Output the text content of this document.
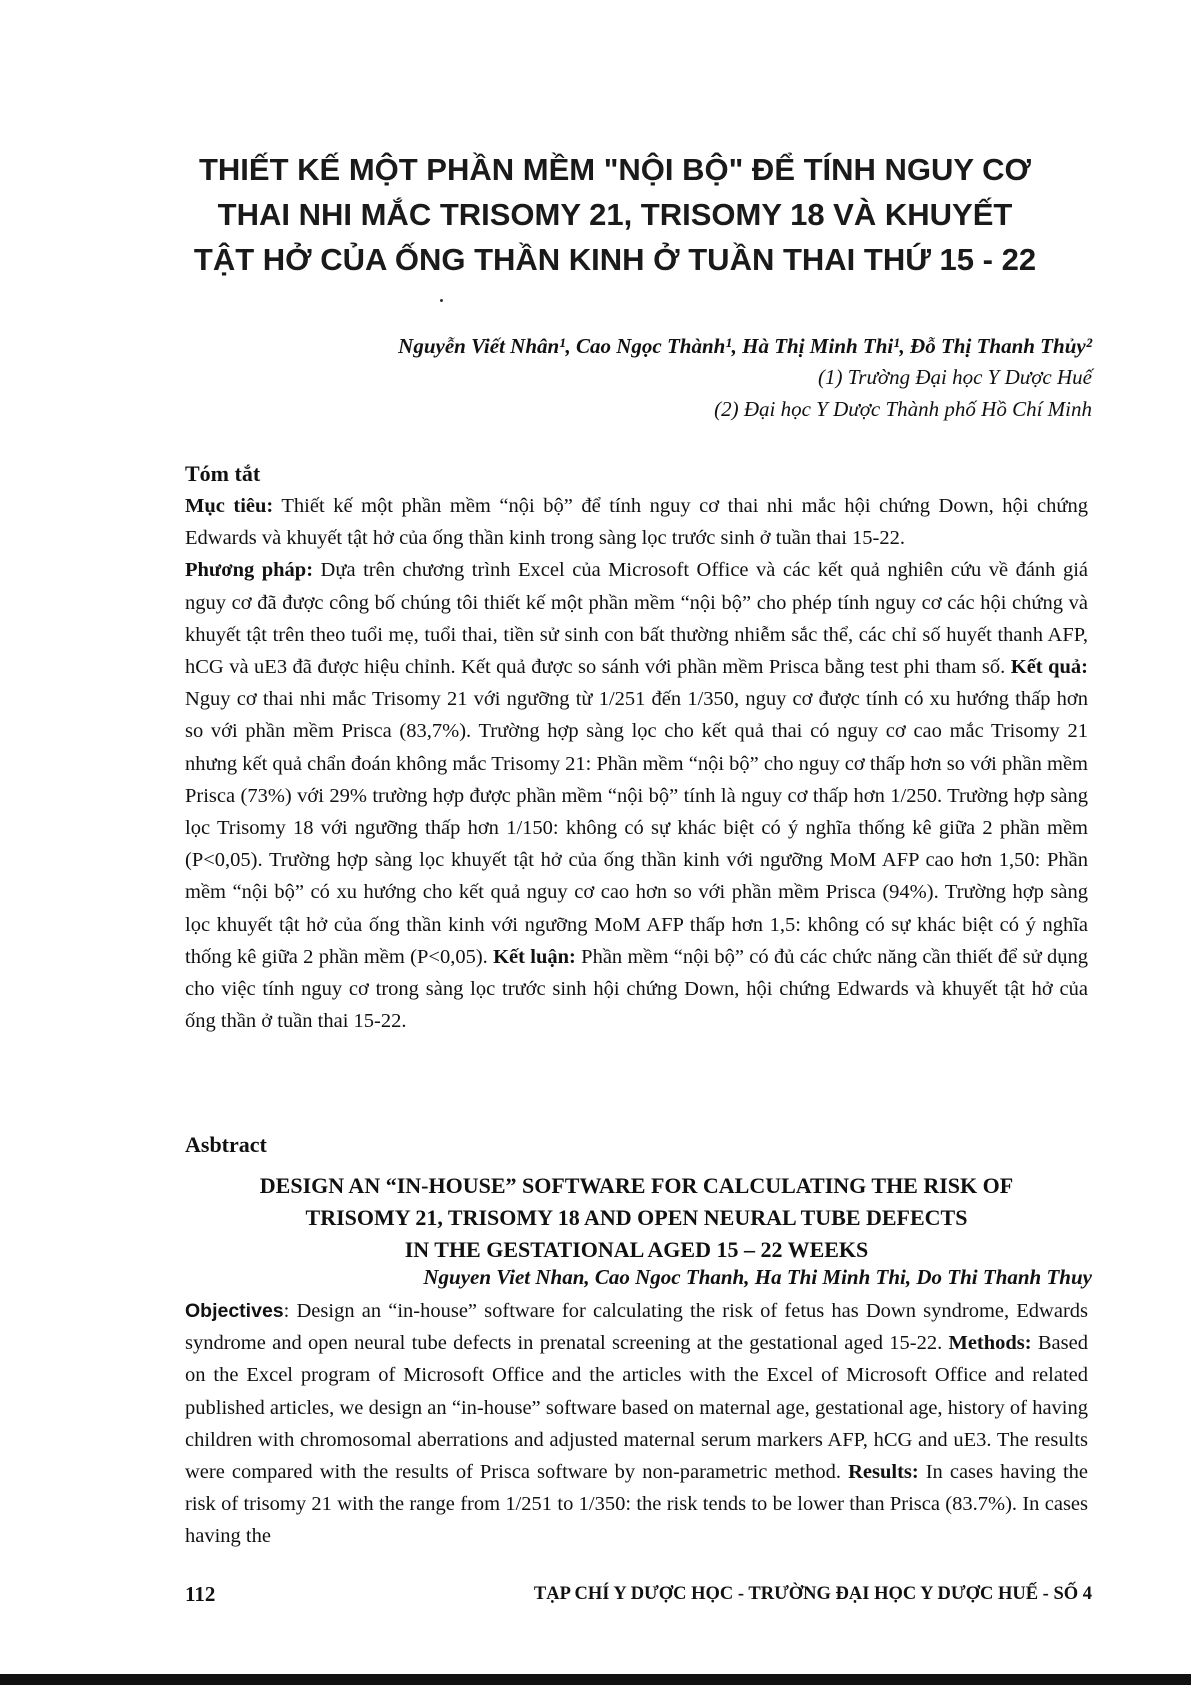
THIẾT KẾ MỘT PHẦN MỀM "NỘI BỘ" ĐỂ TÍNH NGUY CƠ
THAI NHI MẮC TRISOMY 21, TRISOMY 18 VÀ KHUYẾT
TẬT HỞ CỦA ỐNG THẦN KINH Ở TUẦN THAI THỨ 15 - 22
Nguyễn Viết Nhân¹, Cao Ngọc Thành¹, Hà Thị Minh Thi¹, Đỗ Thị Thanh Thủy²
(1) Trường Đại học Y Dược Huế
(2) Đại học Y Dược Thành phố Hồ Chí Minh
Tóm tắt

Mục tiêu: Thiết kế một phần mềm “nội bộ” để tính nguy cơ thai nhi mắc hội chứng Down, hội chứng Edwards và khuyết tật hở của ống thần kinh trong sàng lọc trước sinh ở tuần thai 15-22.
Phương pháp: Dựa trên chương trình Excel của Microsoft Office và các kết quả nghiên cứu về đánh giá nguy cơ đã được công bố chúng tôi thiết kế một phần mềm “nội bộ” cho phép tính nguy cơ các hội chứng và khuyết tật trên theo tuổi mẹ, tuổi thai, tiền sử sinh con bất thường nhiễm sắc thể, các chỉ số huyết thanh AFP, hCG và uE3 đã được hiệu chỉnh. Kết quả được so sánh với phần mềm Prisca bằng test phi tham số. Kết quả: Nguy cơ thai nhi mắc Trisomy 21 với ngưỡng từ 1/251 đến 1/350, nguy cơ được tính có xu hướng thấp hơn so với phần mềm Prisca (83,7%). Trường hợp sàng lọc cho kết quả thai có nguy cơ cao mắc Trisomy 21 nhưng kết quả chẩn đoán không mắc Trisomy 21: Phần mềm “nội bộ” cho nguy cơ thấp hơn so với phần mềm Prisca (73%) với 29% trường hợp được phần mềm “nội bộ” tính là nguy cơ thấp hơn 1/250. Trường hợp sàng lọc Trisomy 18 với ngưỡng thấp hơn 1/150: không có sự khác biệt có ý nghĩa thống kê giữa 2 phần mềm (P<0,05). Trường hợp sàng lọc khuyết tật hở của ống thần kinh với ngưỡng MoM AFP cao hơn 1,50: Phần mềm “nội bộ” có xu hướng cho kết quả nguy cơ cao hơn so với phần mềm Prisca (94%). Trường hợp sàng lọc khuyết tật hở của ống thần kinh với ngưỡng MoM AFP thấp hơn 1,5: không có sự khác biệt có ý nghĩa thống kê giữa 2 phần mềm (P<0,05). Kết luận: Phần mềm “nội bộ” có đủ các chức năng cần thiết để sử dụng cho việc tính nguy cơ trong sàng lọc trước sinh hội chứng Down, hội chứng Edwards và khuyết tật hở của ống thần ở tuần thai 15-22.

Asbtract
DESIGN AN “IN-HOUSE” SOFTWARE FOR CALCULATING THE RISK OF
TRISOMY 21, TRISOMY 18 AND OPEN NEURAL TUBE DEFECTS
IN THE GESTATIONAL AGED 15 – 22 WEEKS
Nguyen Viet Nhan, Cao Ngoc Thanh, Ha Thi Minh Thi, Do Thi Thanh Thuy

Objectives: Design an “in-house” software for calculating the risk of fetus has Down syndrome, Edwards syndrome and open neural tube defects in prenatal screening at the gestational aged 15-22. Methods: Based on the Excel program of Microsoft Office and the articles with the Excel of Microsoft Office and related published articles, we design an “in-house” software based on maternal age, gestational age, history of having children with chromosomal aberrations and adjusted maternal serum markers AFP, hCG and uE3. The results were compared with the results of Prisca software by non-parametric method. Results: In cases having the risk of trisomy 21 with the range from 1/251 to 1/350: the risk tends to be lower than Prisca (83.7%). In cases having the

112	TẠP CHÍ Y DƯỢC HỌC - TRƯỜNG ĐẠI HỌC Y DƯỢC HUẾ - SỐ 4
